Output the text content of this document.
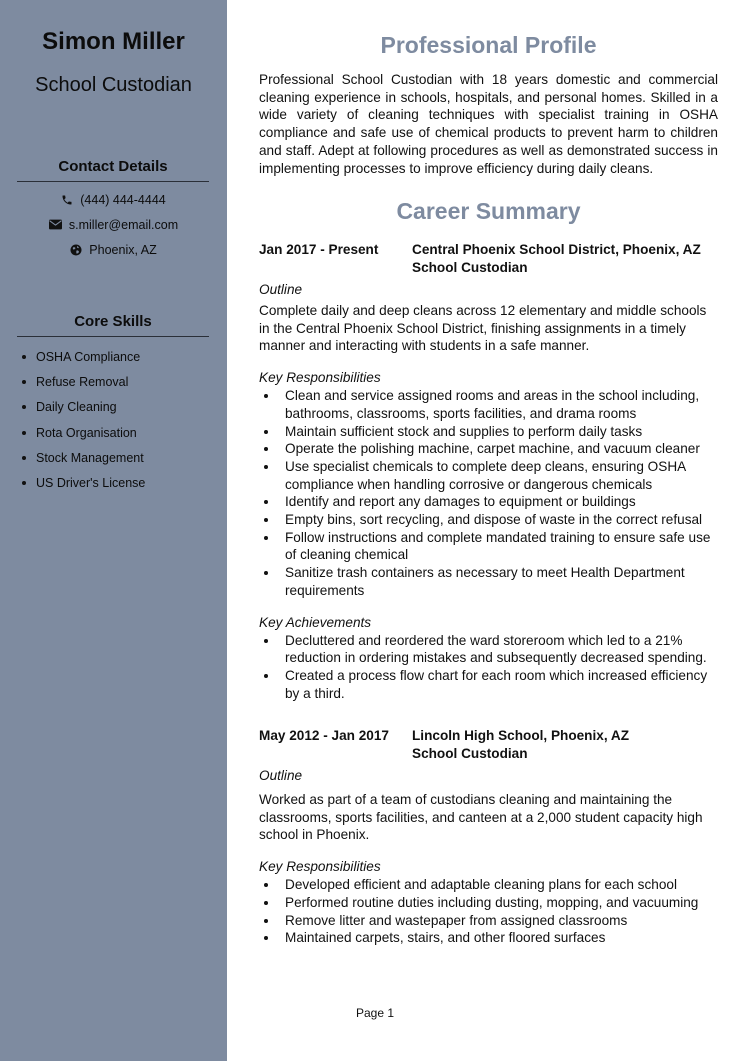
Simon Miller
School Custodian
Contact Details
(444) 444-4444
s.miller@email.com
Phoenix, AZ
Core Skills
OSHA Compliance
Refuse Removal
Daily Cleaning
Rota Organisation
Stock Management
US Driver's License
Professional Profile
Professional School Custodian with 18 years domestic and commercial cleaning experience in schools, hospitals, and personal homes. Skilled in a wide variety of cleaning techniques with specialist training in OSHA compliance and safe use of chemical products to prevent harm to children and staff. Adept at following procedures as well as demonstrated success in implementing processes to improve efficiency during daily cleans.
Career Summary
Jan 2017 - Present	Central Phoenix School District, Phoenix, AZ
School Custodian
Outline
Complete daily and deep cleans across 12 elementary and middle schools in the Central Phoenix School District, finishing assignments in a timely manner and interacting with students in a safe manner.
Key Responsibilities
Clean and service assigned rooms and areas in the school including, bathrooms, classrooms, sports facilities, and drama rooms
Maintain sufficient stock and supplies to perform daily tasks
Operate the polishing machine, carpet machine, and vacuum cleaner
Use specialist chemicals to complete deep cleans, ensuring OSHA compliance when handling corrosive or dangerous chemicals
Identify and report any damages to equipment or buildings
Empty bins, sort recycling, and dispose of waste in the correct refusal
Follow instructions and complete mandated training to ensure safe use of cleaning chemical
Sanitize trash containers as necessary to meet Health Department requirements
Key Achievements
Decluttered and reordered the ward storeroom which led to a 21% reduction in ordering mistakes and subsequently decreased spending.
Created a process flow chart for each room which increased efficiency by a third.
May 2012 - Jan 2017	Lincoln High School, Phoenix, AZ
School Custodian
Outline
Worked as part of a team of custodians cleaning and maintaining the classrooms, sports facilities, and canteen at a 2,000 student capacity high school in Phoenix.
Key Responsibilities
Developed efficient and adaptable cleaning plans for each school
Performed routine duties including dusting, mopping, and vacuuming
Remove litter and wastepaper from assigned classrooms
Maintained carpets, stairs, and other floored surfaces
Page 1
